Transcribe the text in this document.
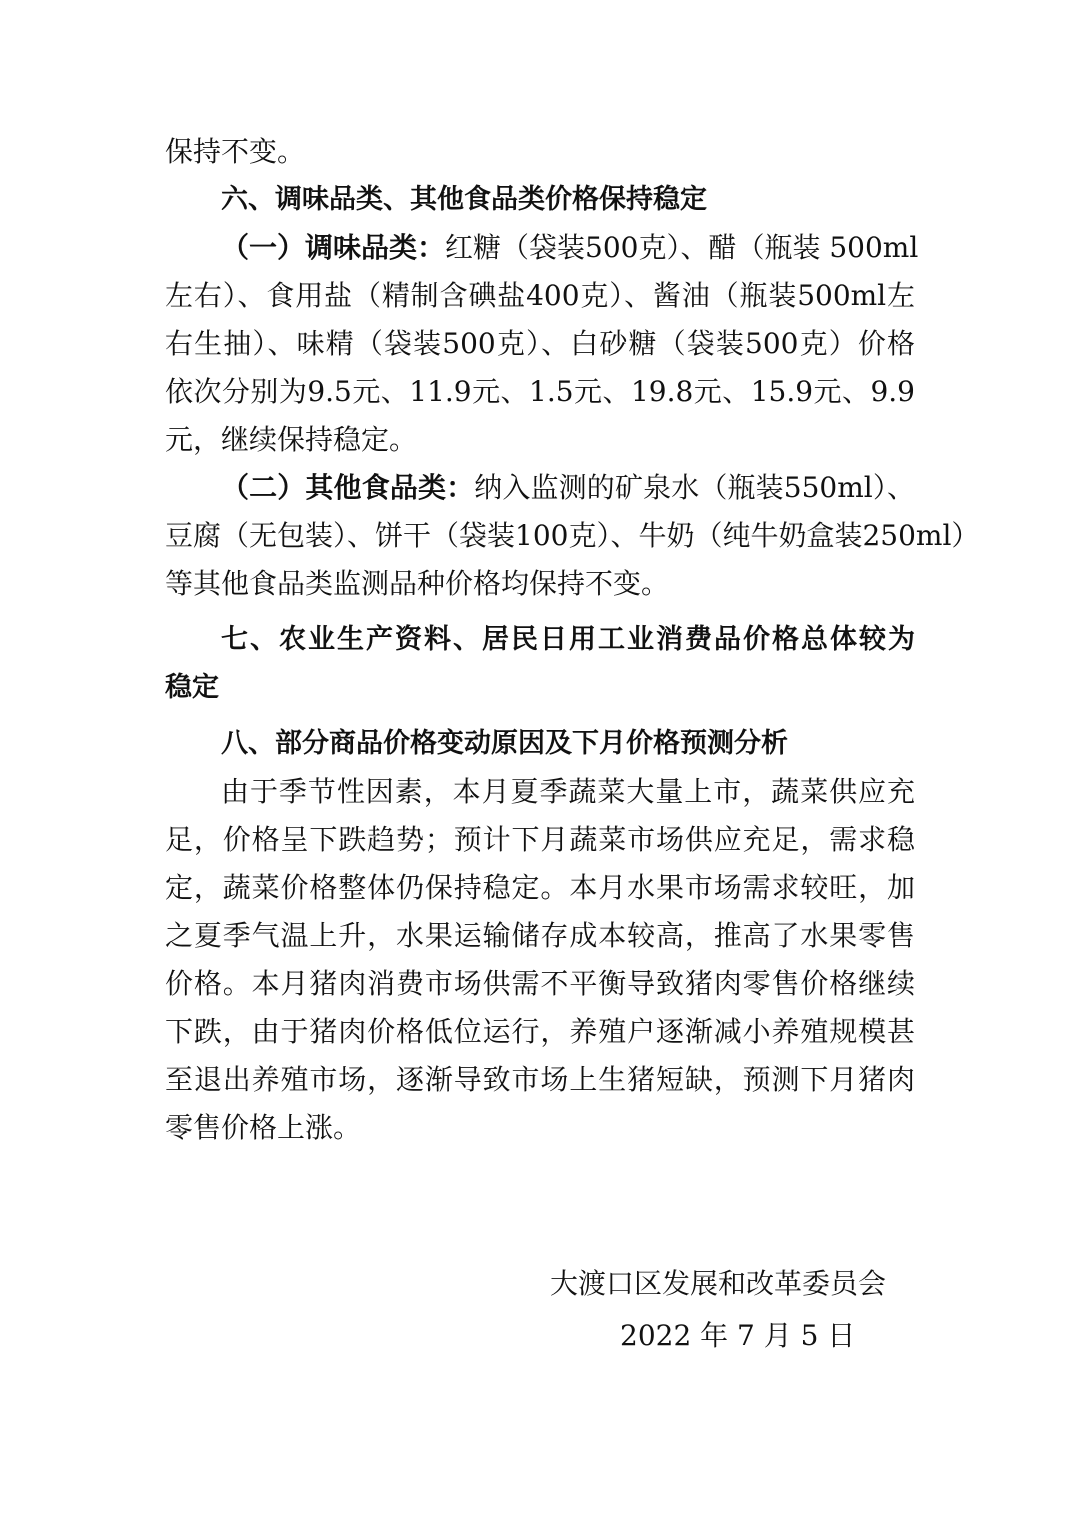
保持不变。
六、调味品类、其他食品类价格保持稳定
（一）调味品类：红糖（袋装500克）、醋（瓶装 500ml
左右）、食用盐（精制含碘盐400克）、酱油（瓶装500ml左
右生抽）、味精（袋装500克）、白砂糖（袋装500克）价格
依次分别为9.5元、11.9元、1.5元、19.8元、15.9元、9.9
元，继续保持稳定。
（二）其他食品类：纳入监测的矿泉水（瓶装550ml）、
豆腐（无包装）、饼干（袋装100克）、牛奶（纯牛奶盒装250ml）
等其他食品类监测品种价格均保持不变。
七、农业生产资料、居民日用工业消费品价格总体较为
稳定
八、部分商品价格变动原因及下月价格预测分析
由于季节性因素，本月夏季蔬菜大量上市，蔬菜供应充
足，价格呈下跌趋势；预计下月蔬菜市场供应充足，需求稳
定，蔬菜价格整体仍保持稳定。本月水果市场需求较旺，加
之夏季气温上升，水果运输储存成本较高，推高了水果零售
价格。本月猪肉消费市场供需不平衡导致猪肉零售价格继续
下跌，由于猪肉价格低位运行，养殖户逐渐减小养殖规模甚
至退出养殖市场，逐渐导致市场上生猪短缺，预测下月猪肉
零售价格上涨。
大渡口区发展和改革委员会
2022 年 7 月 5 日
